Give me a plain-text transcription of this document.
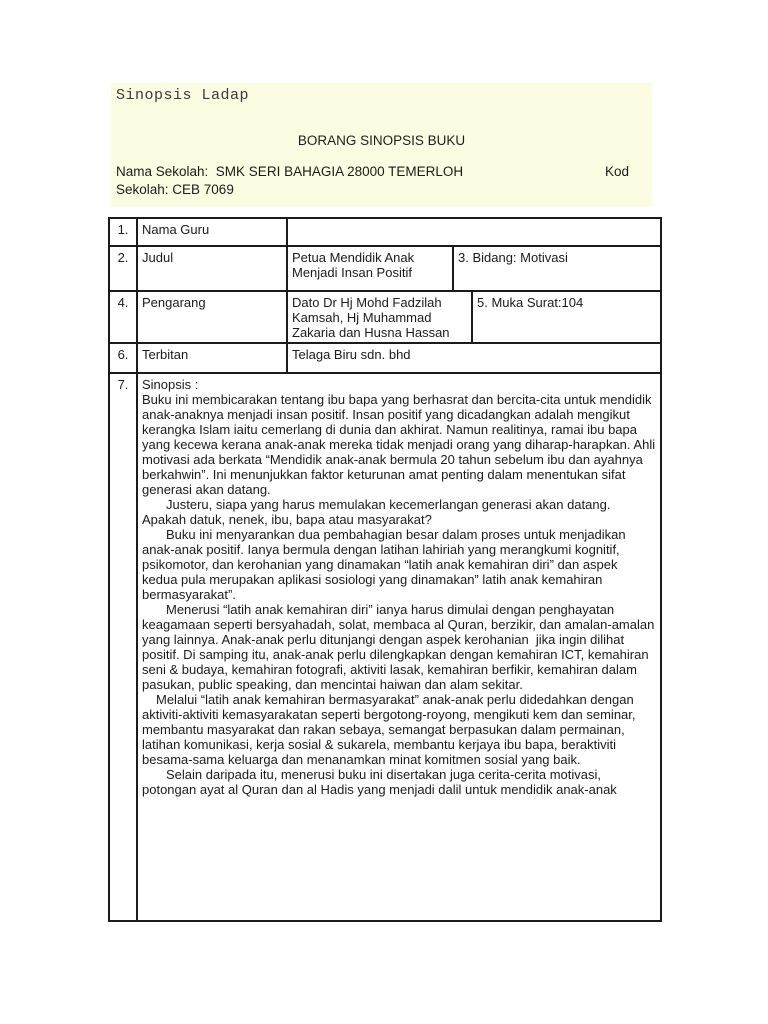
Sinopsis Ladap
BORANG SINOPSIS BUKU
Nama Sekolah:  SMK SERI BAHAGIA 28000 TEMERLOH	Kod
Sekolah: CEB 7069
1.	Nama Guru			
2.	Judul	Petua Mendidik Anak Menjadi Insan Positif	3. Bidang: Motivasi	
4.	Pengarang	Dato Dr Hj Mohd Fadzilah Kamsah, Hj Muhammad Zakaria dan Husna Hassan		5. Muka Surat:104
6.	Terbitan	Telaga Biru sdn. bhd		
7.	Sinopsis :

Buku ini membicarakan tentang ibu bapa yang berhasrat dan bercita-cita untuk mendidik anak-anaknya menjadi insan positif. Insan positif yang dicadangkan adalah mengikut kerangka Islam iaitu cemerlang di dunia dan akhirat. Namun realitinya, ramai ibu bapa yang kecewa kerana anak-anak mereka tidak menjadi orang yang diharap-harapkan. Ahli motivasi ada berkata “Mendidik anak-anak bermula 20 tahun sebelum ibu dan ayahnya berkahwin”. Ini menunjukkan faktor keturunan amat penting dalam menentukan sifat generasi akan datang.

Justeru, siapa yang harus memulakan kecemerlangan generasi akan datang. Apakah datuk, nenek, ibu, bapa atau masyarakat?

Buku ini menyarankan dua pembahagian besar dalam proses untuk menjadikan anak-anak positif. Ianya bermula dengan latihan lahiriah yang merangkumi kognitif, psikomotor, dan kerohanian yang dinamakan “latih anak kemahiran diri” dan aspek kedua pula merupakan aplikasi sosiologi yang dinamakan” latih anak kemahiran bermasyarakat”.

Menerusi “latih anak kemahiran diri” ianya harus dimulai dengan penghayatan keagamaan seperti bersyahadah, solat, membaca al Quran, berzikir, dan amalan-amalan yang lainnya. Anak-anak perlu ditunjangi dengan aspek kerohanian  jika ingin dilihat positif. Di samping itu, anak-anak perlu dilengkapkan dengan kemahiran ICT, kemahiran seni & budaya, kemahiran fotografi, aktiviti lasak, kemahiran berfikir, kemahiran dalam pasukan, public speaking, dan mencintai haiwan dan alam sekitar.

Melalui “latih anak kemahiran bermasyarakat” anak-anak perlu didedahkan dengan aktiviti-aktiviti kemasyarakatan seperti bergotong-royong, mengikuti kem dan seminar, membantu masyarakat dan rakan sebaya, semangat berpasukan dalam permainan, latihan komunikasi, kerja sosial & sukarela, membantu kerjaya ibu bapa, beraktiviti besama-sama keluarga dan menanamkan minat komitmen sosial yang baik.

Selain daripada itu, menerusi buku ini disertakan juga cerita-cerita motivasi, potongan ayat al Quran dan al Hadis yang menjadi dalil untuk mendidik anak-anak
